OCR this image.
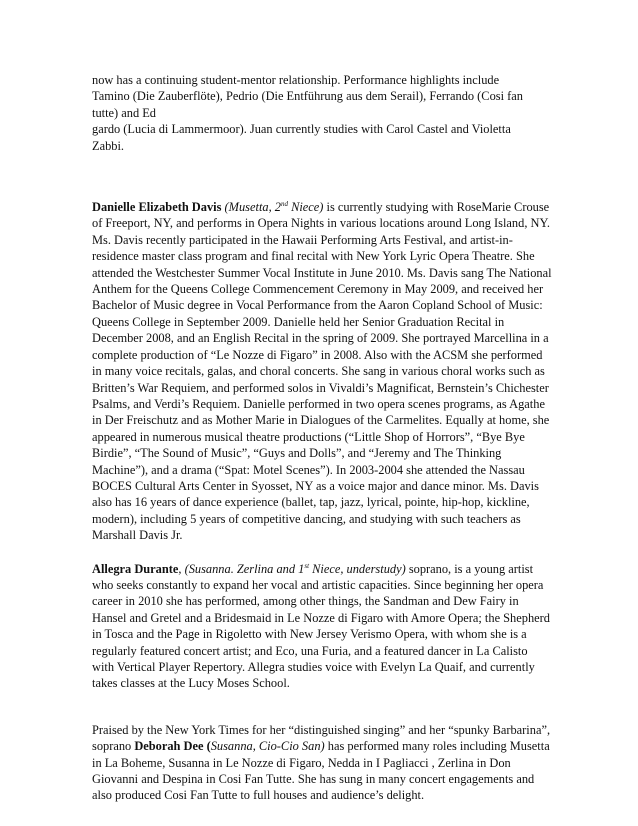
now has a continuing student-mentor relationship. Performance highlights include
Tamino (Die Zauberflöte), Pedrio (Die Entführung aus dem Serail), Ferrando (Cosi fan
tutte) and Ed
gardo (Lucia di Lammermoor). Juan currently studies with Carol Castel and Violetta
Zabbi.
Danielle Elizabeth Davis (Musetta, 2nd Niece) is currently studying with RoseMarie Crouse of Freeport, NY, and performs in Opera Nights in various locations around Long Island, NY. Ms. Davis recently participated in the Hawaii Performing Arts Festival, and artist-in-residence master class program and final recital with New York Lyric Opera Theatre. She attended the Westchester Summer Vocal Institute in June 2010. Ms. Davis sang The National Anthem for the Queens College Commencement Ceremony in May 2009, and received her Bachelor of Music degree in Vocal Performance from the Aaron Copland School of Music: Queens College in September 2009. Danielle held her Senior Graduation Recital in December 2008, and an English Recital in the spring of 2009. She portrayed Marcellina in a complete production of “Le Nozze di Figaro” in 2008. Also with the ACSM she performed in many voice recitals, galas, and choral concerts. She sang in various choral works such as Britten’s War Requiem, and performed solos in Vivaldi’s Magnificat, Bernstein’s Chichester Psalms, and Verdi’s Requiem. Danielle performed in two opera scenes programs, as Agathe in Der Freischutz and as Mother Marie in Dialogues of the Carmelites. Equally at home, she appeared in numerous musical theatre productions (“Little Shop of Horrors”, “Bye Bye Birdie”, “The Sound of Music”, “Guys and Dolls”, and “Jeremy and The Thinking Machine”), and a drama (“Spat: Motel Scenes”). In 2003-2004 she attended the Nassau BOCES Cultural Arts Center in Syosset, NY as a voice major and dance minor. Ms. Davis also has 16 years of dance experience (ballet, tap, jazz, lyrical, pointe, hip-hop, kickline, modern), including 5 years of competitive dancing, and studying with such teachers as Marshall Davis Jr.
Allegra Durante, (Susanna. Zerlina and 1st Niece, understudy) soprano, is a young artist who seeks constantly to expand her vocal and artistic capacities. Since beginning her opera career in 2010 she has performed, among other things, the Sandman and Dew Fairy in Hansel and Gretel and a Bridesmaid in Le Nozze di Figaro with Amore Opera; the Shepherd in Tosca and the Page in Rigoletto with New Jersey Verismo Opera, with whom she is a regularly featured concert artist; and Eco, una Furia, and a featured dancer in La Calisto with Vertical Player Repertory. Allegra studies voice with Evelyn La Quaif, and currently takes classes at the Lucy Moses School.
Praised by the New York Times for her “distinguished singing” and her “spunky Barbarina”, soprano Deborah Dee (Susanna, Cio-Cio San) has performed many roles including Musetta in La Boheme, Susanna in Le Nozze di Figaro, Nedda in I Pagliacci , Zerlina in Don Giovanni and Despina in Cosi Fan Tutte. She has sung in many concert engagements and also produced Cosi Fan Tutte to full houses and audience’s delight.
